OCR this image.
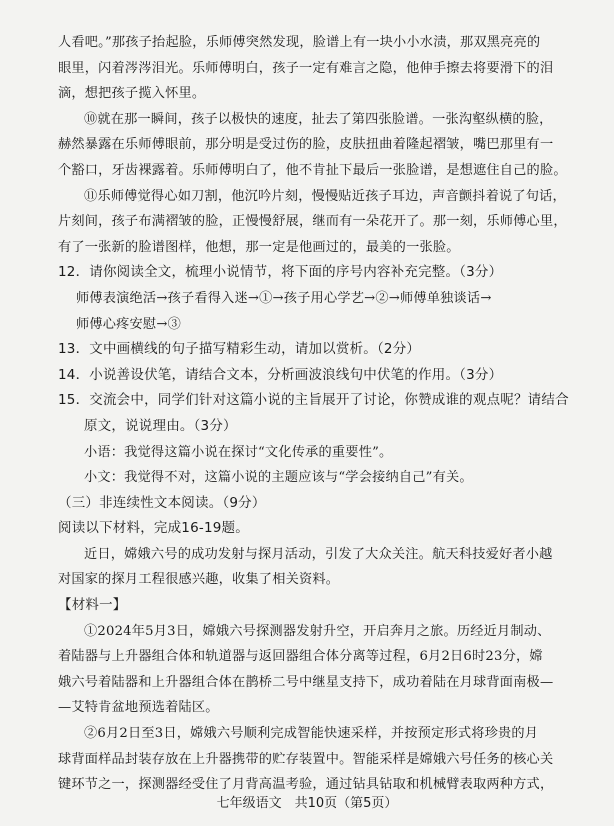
人看吧。”那孩子抬起脸，乐师傅突然发现，脸谱上有一块小小水渍，那双黑亮亮的
眼里，闪着涔涔泪光。乐师傅明白，孩子一定有难言之隐，他伸手擦去将要滑下的泪
滴，想把孩子揽入怀里。
⑩就在那一瞬间，孩子以极快的速度，扯去了第四张脸谱。一张沟壑纵横的脸，
赫然暴露在乐师傅眼前，那分明是受过伤的脸，皮肤扭曲着隆起褶皱，嘴巴那里有一
个豁口，牙齿裸露着。乐师傅明白了，他不肯扯下最后一张脸谱，是想遮住自己的脸。
⑪乐师傅觉得心如刀割，他沉吟片刻，慢慢贴近孩子耳边，声音颤抖着说了句话，
片刻间，孩子布满褶皱的脸，正慢慢舒展，继而有一朵花开了。那一刻，乐师傅心里，
有了一张新的脸谱图样，他想，那一定是他画过的，最美的一张脸。
12．请你阅读全文，梳理小说情节，将下面的序号内容补充完整。（3分）
师傅表演绝活→孩子看得入迷→①→孩子用心学艺→②→师傅单独谈话→
师傅心疼安慰→③
13．文中画横线的句子描写精彩生动，请加以赏析。（2分）
14．小说善设伏笔，请结合文本，分析画波浪线句中伏笔的作用。（3分）
15．交流会中，同学们针对这篇小说的主旨展开了讨论，你赞成谁的观点呢？请结合
原文，说说理由。（3分）
小语：我觉得这篇小说在探讨“文化传承的重要性”。
小文：我觉得不对，这篇小说的主题应该与“学会接纳自己”有关。
（三）非连续性文本阅读。（9分）
阅读以下材料，完成16-19题。
近日，嫦娥六号的成功发射与探月活动，引发了大众关注。航天科技爱好者小越
对国家的探月工程很感兴趣，收集了相关资料。
【材料一】
①2024年5月3日，嫦娥六号探测器发射升空，开启奔月之旅。历经近月制动、
着陆器与上升器组合体和轨道器与返回器组合体分离等过程，6月2日6时23分，嫦
娥六号着陆器和上升器组合体在鹊桥二号中继星支持下，成功着陆在月球背面南极—
—艾特肯盆地预选着陆区。
②6月2日至3日，嫦娥六号顺利完成智能快速采样，并按预定形式将珍贵的月
球背面样品封装存放在上升器携带的贮存装置中。智能采样是嫦娥六号任务的核心关
键环节之一，探测器经受住了月背高温考验，通过钻具钻取和机械臂表取两种方式，
七年级语文　共10页（第5页）
